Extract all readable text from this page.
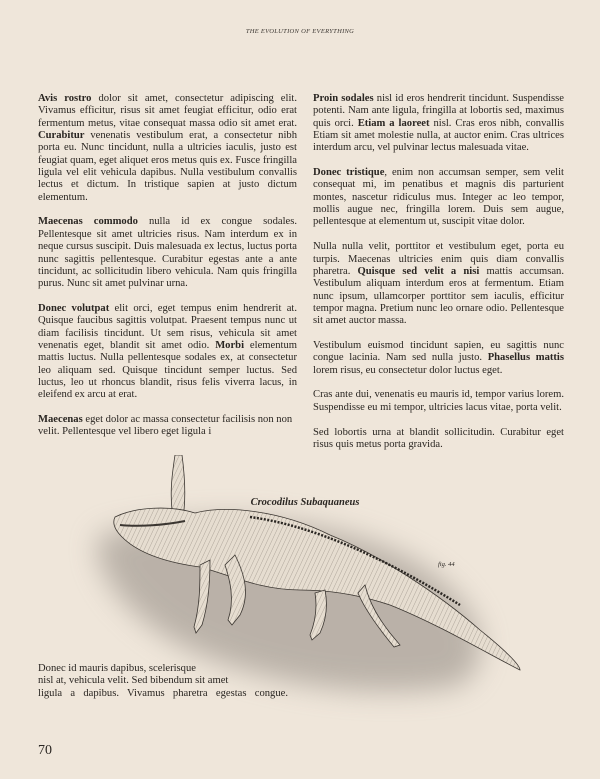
THE EVOLUTION OF EVERYTHING

Avis rostro dolor sit amet, consectetur adipiscing elit. Vivamus efficitur, risus sit amet feugiat efficitur, odio erat fermentum metus, vitae consequat massa odio sit amet erat. Curabitur venenatis vestibulum erat, a consectetur nibh porta eu. Nunc tincidunt, nulla a ultricies iaculis, justo est feugiat quam, eget aliquet eros metus quis ex. Fusce fringilla ligula vel elit vehicula dapibus. Nulla vestibulum convallis lectus et dictum. In tristique sapien at justo dictum elementum.

Maecenas commodo nulla id ex congue sodales. Pellentesque sit amet ultricies risus. Nam interdum ex in neque cursus suscipit. Duis malesuada ex lectus, luctus porta nunc sagittis pellentesque. Curabitur egestas ante a ante tincidunt, ac sollicitudin libero vehicula. Nam quis fringilla purus. Nunc sit amet pulvinar urna.

Donec volutpat elit orci, eget tempus enim hendrerit at. Quisque faucibus sagittis volutpat. Praesent tempus nunc ut diam facilisis tincidunt. Ut sem risus, vehicula sit amet venenatis eget, blandit sit amet odio. Morbi elementum mattis luctus. Nulla pellentesque sodales ex, at consectetur leo aliquam sed. Quisque tincidunt semper luctus. Sed luctus, leo ut rhoncus blandit, risus felis viverra lacus, in eleifend ex arcu at erat.

Maecenas eget dolor ac massa consectetur facilisis non non velit. Pellentesque vel libero eget ligula i

Proin sodales nisl id eros hendrerit tincidunt. Suspendisse potenti. Nam ante ligula, fringilla at lobortis sed, maximus quis orci. Etiam a laoreet nisl. Cras eros nibh, convallis Etiam sit amet molestie nulla, at auctor enim. Cras ultrices interdum arcu, vel pulvinar lectus malesuada vitae.

Donec tristique, enim non accumsan semper, sem velit consequat mi, im penatibus et magnis dis parturient montes, nascetur ridiculus mus. Integer ac leo tempor, mollis augue nec, fringilla lorem. Duis sem augue, pellentesque at elementum ut, suscipit vitae dolor.

Nulla nulla velit, porttitor et vestibulum eget, porta eu turpis. Maecenas ultricies enim quis diam convallis pharetra. Quisque sed velit a nisi mattis accumsan. Vestibulum aliquam interdum eros at fermentum. Etiam nunc ipsum, ullamcorper porttitor sem iaculis, efficitur tempor magna. Pretium nunc leo ornare odio. Pellentesque sit amet auctor massa.

Vestibulum euismod tincidunt sapien, eu sagittis nunc congue lacinia. Nam sed nulla justo. Phasellus mattis lorem risus, eu consectetur dolor luctus eget.

Cras ante dui, venenatis eu mauris id, tempor varius lorem. Suspendisse eu mi tempor, ultricies lacus vitae, porta velit.

Sed lobortis urna at blandit sollicitudin. Curabitur eget risus quis metus porta gravida.

Crocodilus Subaquaneus
fig. 44
Donec id mauris dapibus, scelerisque
nisl at, vehicula velit. Sed bibendum sit amet
ligula a dapibus. Vivamus pharetra egestas congue.
70
